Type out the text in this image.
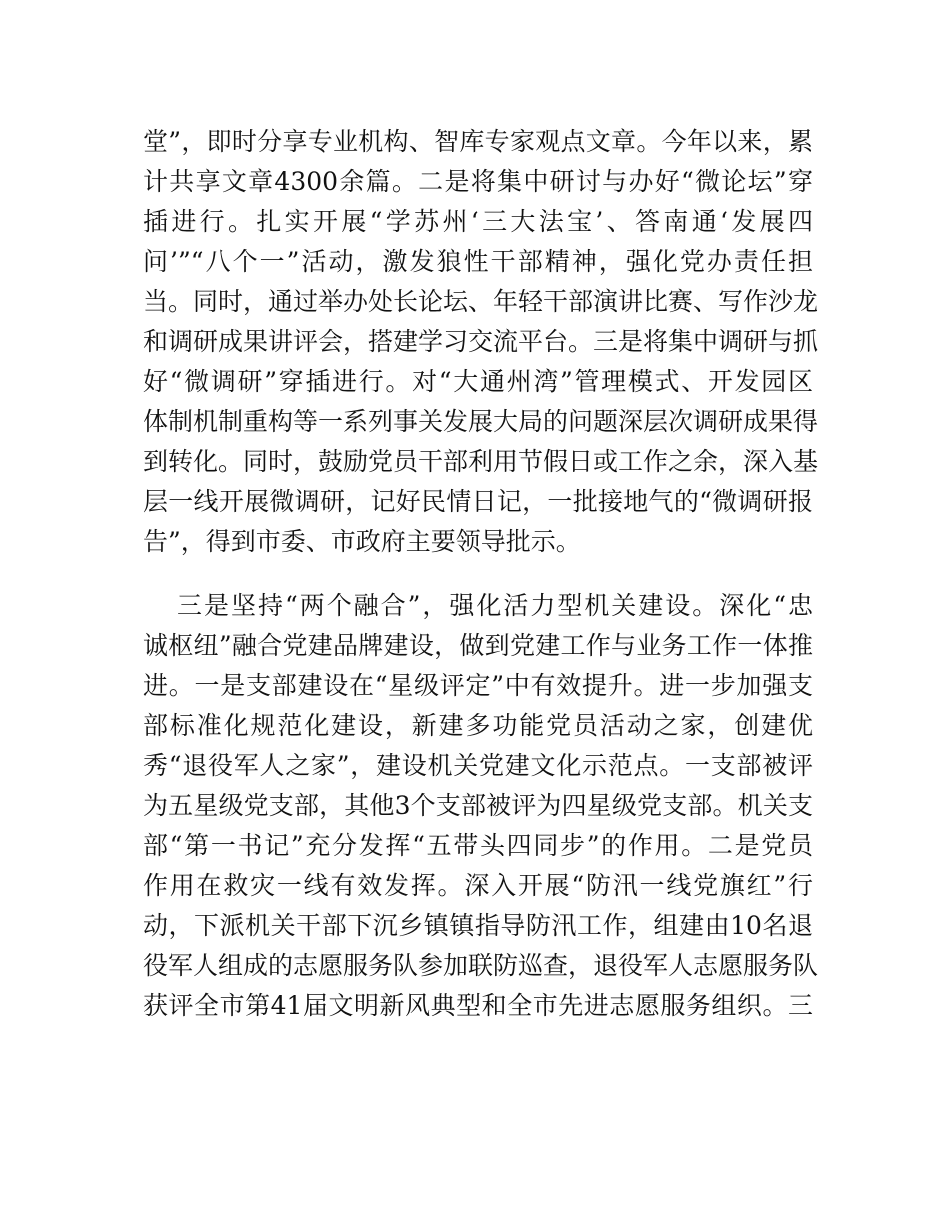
堂”，即时分享专业机构、智库专家观点文章。今年以来，累
计共享文章4300余篇。二是将集中研讨与办好“微论坛”穿
插进行。扎实开展“学苏州‘三大法宝’、答南通‘发展四
问’”“八个一”活动，激发狼性干部精神，强化党办责任担
当。同时，通过举办处长论坛、年轻干部演讲比赛、写作沙龙
和调研成果讲评会，搭建学习交流平台。三是将集中调研与抓
好“微调研”穿插进行。对“大通州湾”管理模式、开发园区
体制机制重构等一系列事关发展大局的问题深层次调研成果得
到转化。同时，鼓励党员干部利用节假日或工作之余，深入基
层一线开展微调研，记好民情日记，一批接地气的“微调研报
告”，得到市委、市政府主要领导批示。
三是坚持“两个融合”，强化活力型机关建设。深化“忠
诚枢纽”融合党建品牌建设，做到党建工作与业务工作一体推
进。一是支部建设在“星级评定”中有效提升。进一步加强支
部标准化规范化建设，新建多功能党员活动之家，创建优
秀“退役军人之家”，建设机关党建文化示范点。一支部被评
为五星级党支部，其他3个支部被评为四星级党支部。机关支
部“第一书记”充分发挥“五带头四同步”的作用。二是党员
作用在救灾一线有效发挥。深入开展“防汛一线党旗红”行
动，下派机关干部下沉乡镇镇指导防汛工作，组建由10名退
役军人组成的志愿服务队参加联防巡查，退役军人志愿服务队
获评全市第41届文明新风典型和全市先进志愿服务组织。三
